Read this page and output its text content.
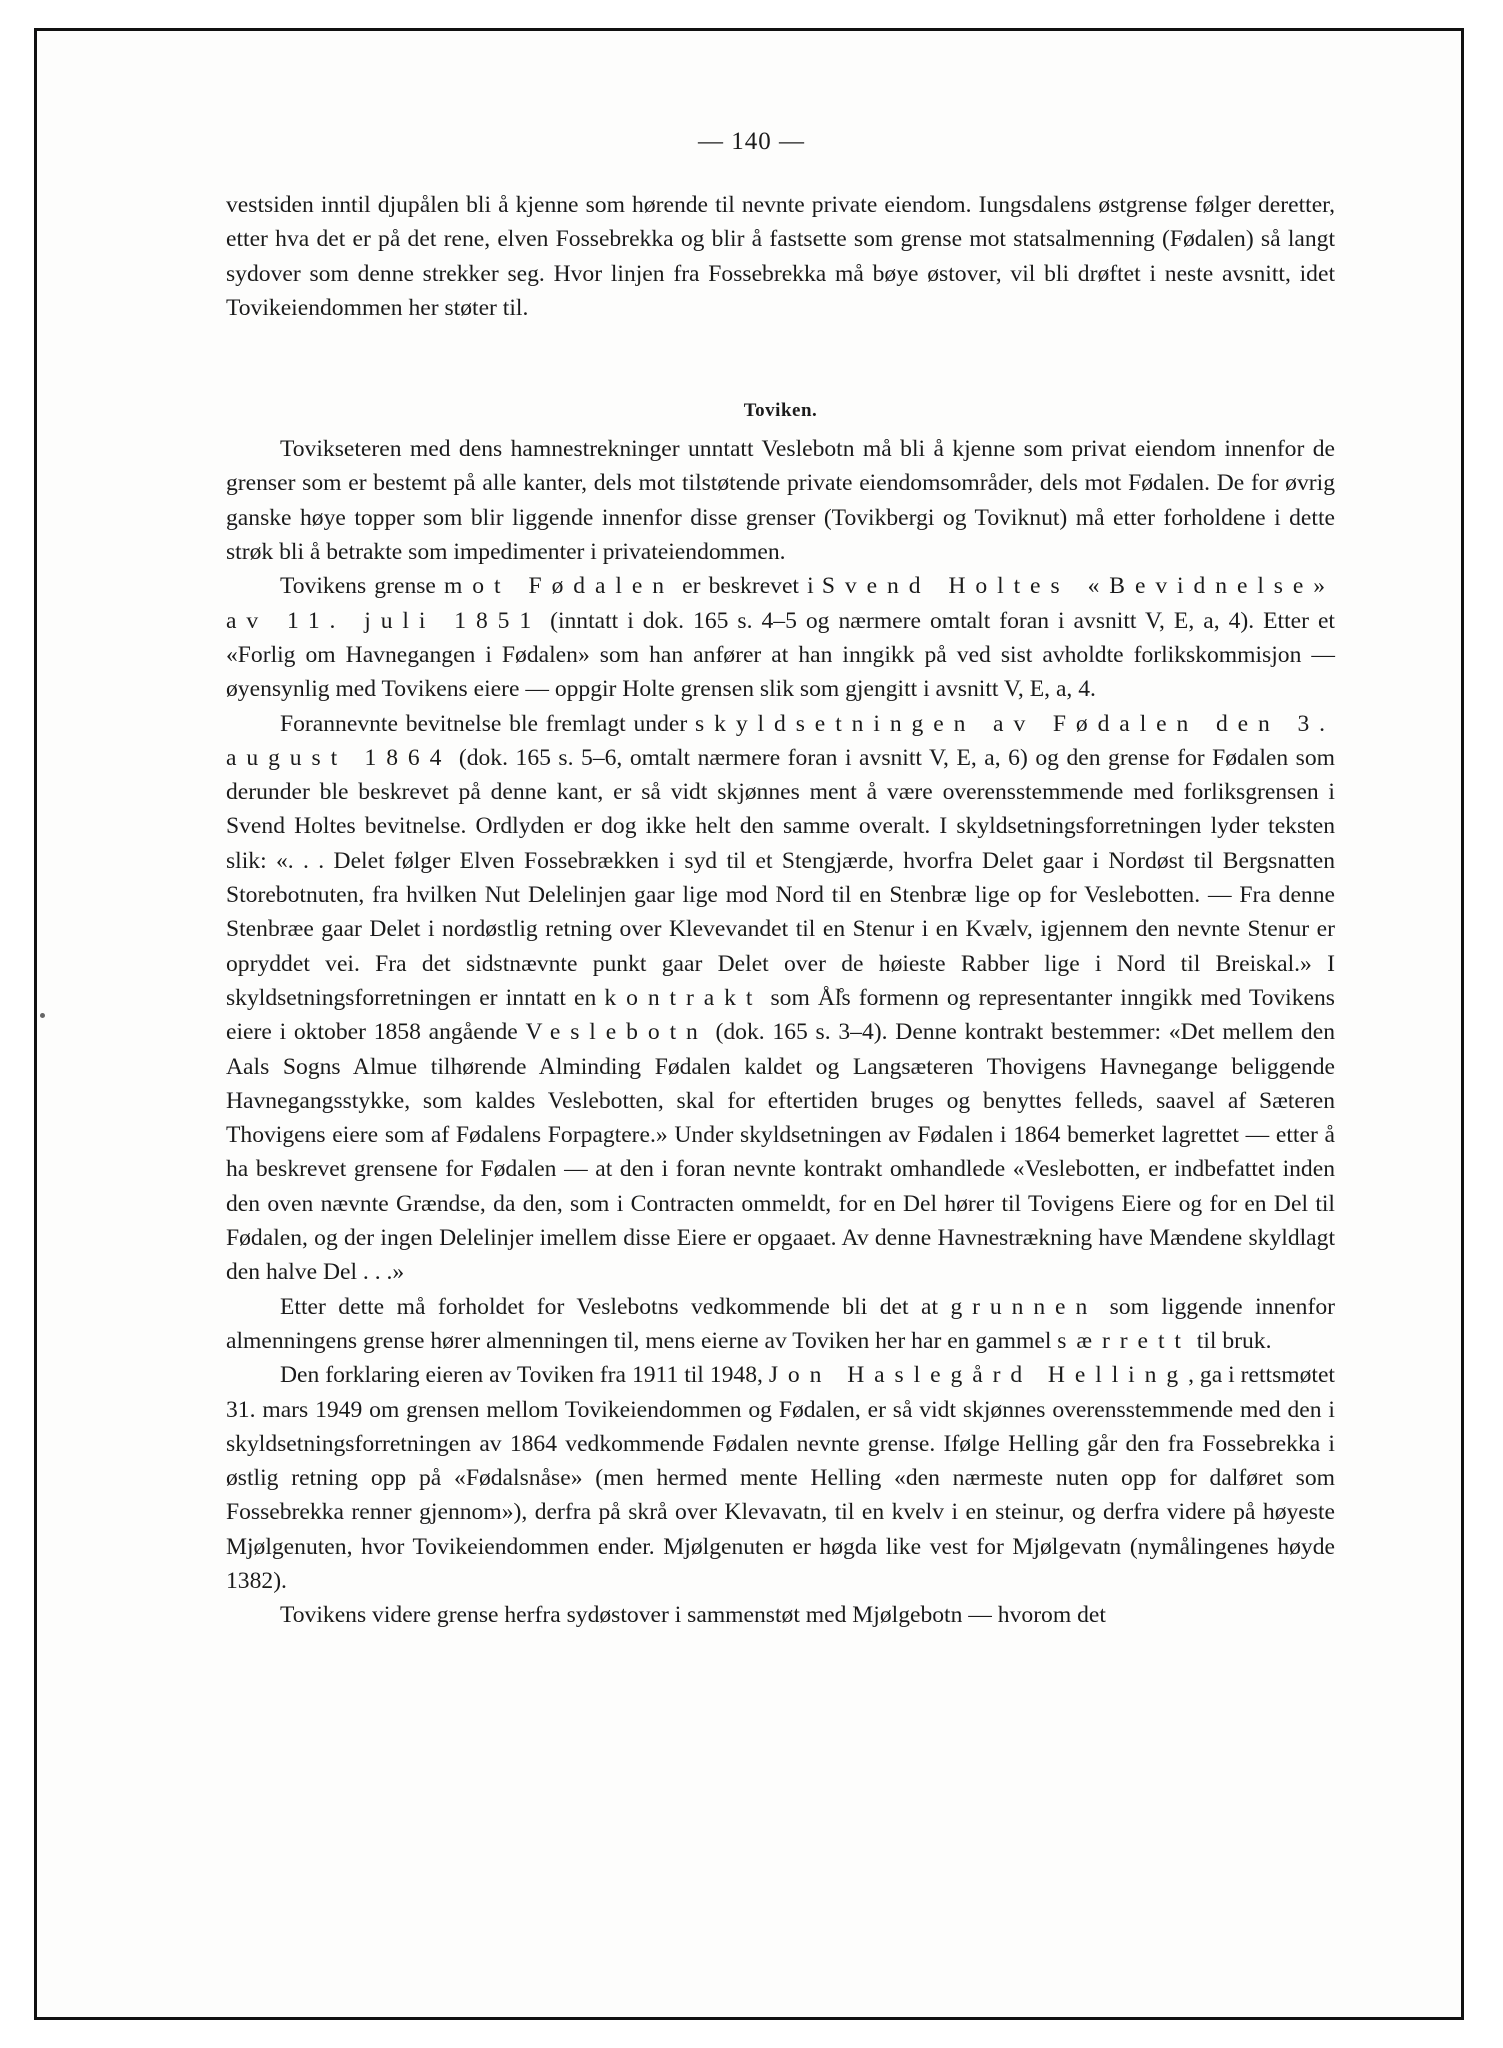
— 140 —

vestsiden inntil djupålen bli å kjenne som hørende til nevnte private eiendom. Iungsdalens østgrense følger deretter, etter hva det er på det rene, elven Fossebrekka og blir å fastsette som grense mot statsalmenning (Fødalen) så langt sydover som denne strekker seg. Hvor linjen fra Fossebrekka må bøye østover, vil bli drøftet i neste avsnitt, idet Tovikeiendommen her støter til.

Toviken.

Tovikseteren med dens hamnestrekninger unntatt Veslebotn må bli å kjenne som privat eiendom innenfor de grenser som er bestemt på alle kanter, dels mot tilstøtende private eiendomsområder, dels mot Fødalen. De for øvrig ganske høye topper som blir liggende innenfor disse grenser (Tovikbergi og Toviknut) må etter forholdene i dette strøk bli å betrakte som impedimenter i privateiendommen.

Tovikens grense mot Fødalen er beskrevet i Svend Holtes «Bevidnelse» av 11. juli 1851 (inntatt i dok. 165 s. 4–5 og nærmere omtalt foran i avsnitt V, E, a, 4). Etter et «Forlig om Havnegangen i Fødalen» som han anfører at han inngikk på ved sist avholdte forlikskommisjon — øyensynlig med Tovikens eiere — oppgir Holte grensen slik som gjengitt i avsnitt V, E, a, 4.

Forannevnte bevitnelse ble fremlagt under skyldsetningen av Fødalen den 3. august 1864 (dok. 165 s. 5–6, omtalt nærmere foran i avsnitt V, E, a, 6) og den grense for Fødalen som derunder ble beskrevet på denne kant, er så vidt skjønnes ment å være overensstemmende med forliksgrensen i Svend Holtes bevitnelse. Ordlyden er dog ikke helt den samme overalt. I skyldsetningsforretningen lyder teksten slik: «. . . Delet følger Elven Fossebrækken i syd til et Stengjærde, hvorfra Delet gaar i Nordøst til Bergsnatten Storebotnuten, fra hvilken Nut Delelinjen gaar lige mod Nord til en Stenbræ lige op for Veslebotten. — Fra denne Stenbræe gaar Delet i nordøstlig retning over Klevevandet til en Stenur i en Kvælv, igjennem den nevnte Stenur er opryddet vei. Fra det sidstnævnte punkt gaar Delet over de høieste Rabber lige i Nord til Breiskal.» I skyldsetningsforretningen er inntatt en kontrakt som Ål̊s formenn og representanter inngikk med Tovikens eiere i oktober 1858 angående Veslebotn (dok. 165 s. 3–4). Denne kontrakt bestemmer: «Det mellem den Aals Sogns Almue tilhørende Alminding Fødalen kaldet og Langsæteren Thovigens Havnegange beliggende Havnegangsstykke, som kaldes Veslebotten, skal for eftertiden bruges og benyttes felleds, saavel af Sæteren Thovigens eiere som af Fødalens Forpagtere.» Under skyldsetningen av Fødalen i 1864 bemerket lagrettet — etter å ha beskrevet grensene for Fødalen — at den i foran nevnte kontrakt omhandlede «Veslebotten, er indbefattet inden den oven nævnte Grændse, da den, som i Contracten ommeldt, for en Del hører til Tovigens Eiere og for en Del til Fødalen, og der ingen Delelinjer imellem disse Eiere er opgaaet. Av denne Havnestrækning have Mændene skyldlagt den halve Del . . .»

Etter dette må forholdet for Veslebotns vedkommende bli det at grunnen som liggende innenfor almenningens grense hører almenningen til, mens eierne av Toviken her har en gammel særrett til bruk.

Den forklaring eieren av Toviken fra 1911 til 1948, Jon Haslegård Helling, ga i rettsmøtet 31. mars 1949 om grensen mellom Tovikeiendommen og Fødalen, er så vidt skjønnes overensstemmende med den i skyldsetningsforretningen av 1864 vedkommende Fødalen nevnte grense. Ifølge Helling går den fra Fossebrekka i østlig retning opp på «Fødalsnåse» (men hermed mente Helling «den nærmeste nuten opp for dalføret som Fossebrekka renner gjennom»), derfra på skrå over Klevavatn, til en kvelv i en steinur, og derfra videre på høyeste Mjølgenuten, hvor Tovikeiendommen ender. Mjølgenuten er høgda like vest for Mjølgevatn (nymålingenes høyde 1382).

Tovikens videre grense herfra sydøstover i sammenstøt med Mjølgebotn — hvorom det
